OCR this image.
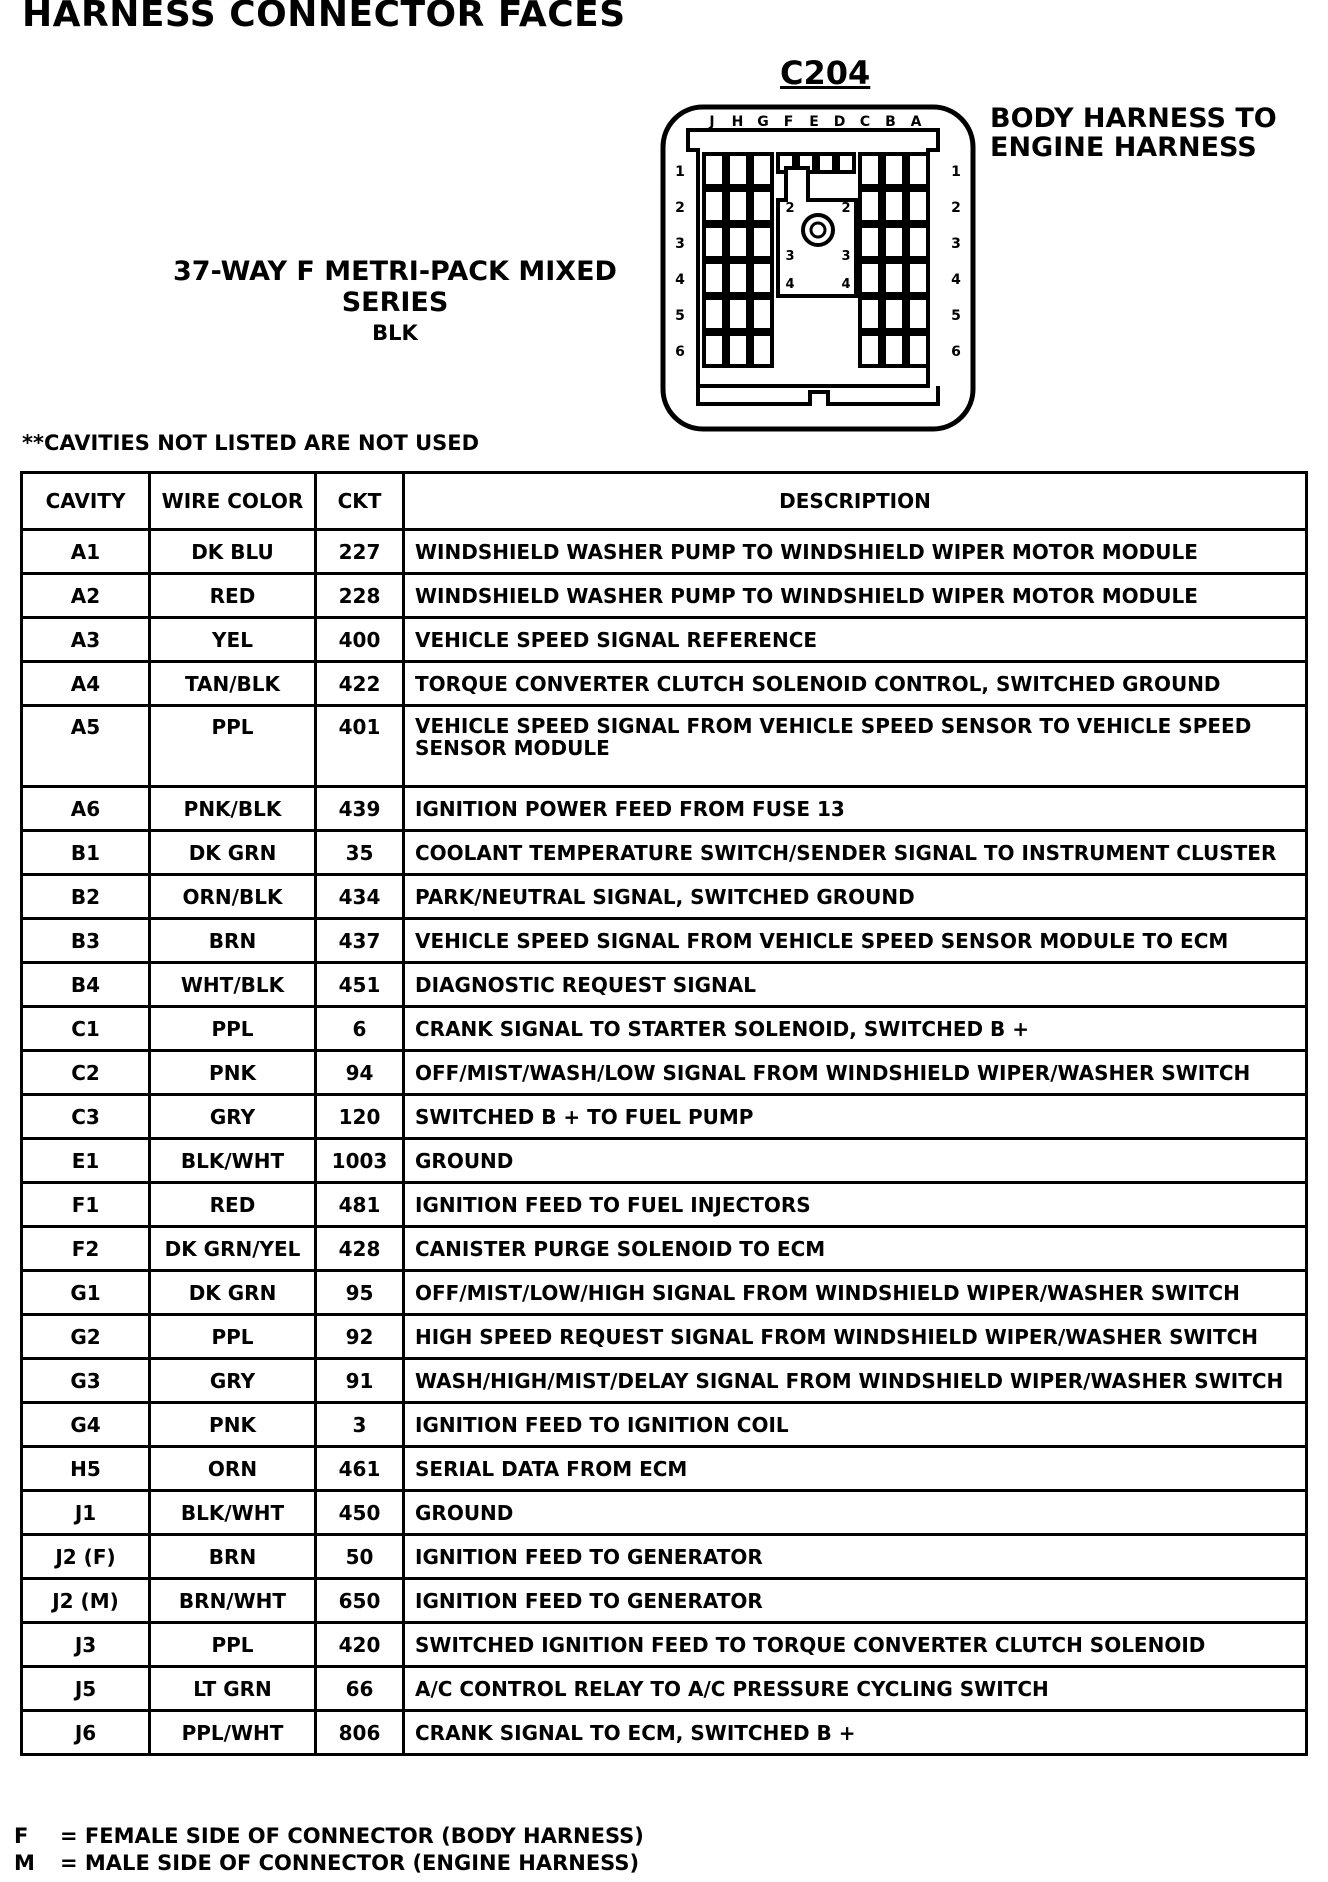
HARNESS CONNECTOR FACES
C204
BODY HARNESS TO
ENGINE HARNESS
37-WAY F METRI-PACK MIXED SERIES
BLK
J H G F E D C B A
1
2
3
4
5
6
1
2
3
4
5
6
2	2
3	3
4	4
**CAVITIES NOT LISTED ARE NOT USED
CAVITY	WIRE COLOR	CKT	DESCRIPTION
A1	DK BLU	227	WINDSHIELD WASHER PUMP TO WINDSHIELD WIPER MOTOR MODULE
A2	RED	228	WINDSHIELD WASHER PUMP TO WINDSHIELD WIPER MOTOR MODULE
A3	YEL	400	VEHICLE SPEED SIGNAL REFERENCE
A4	TAN/BLK	422	TORQUE CONVERTER CLUTCH SOLENOID CONTROL, SWITCHED GROUND
A5	PPL	401	VEHICLE SPEED SIGNAL FROM VEHICLE SPEED SENSOR TO VEHICLE SPEED SENSOR MODULE
A6	PNK/BLK	439	IGNITION POWER FEED FROM FUSE 13
B1	DK GRN	35	COOLANT TEMPERATURE SWITCH/SENDER SIGNAL TO INSTRUMENT CLUSTER
B2	ORN/BLK	434	PARK/NEUTRAL SIGNAL, SWITCHED GROUND
B3	BRN	437	VEHICLE SPEED SIGNAL FROM VEHICLE SPEED SENSOR MODULE TO ECM
B4	WHT/BLK	451	DIAGNOSTIC REQUEST SIGNAL
C1	PPL	6	CRANK SIGNAL TO STARTER SOLENOID, SWITCHED B +
C2	PNK	94	OFF/MIST/WASH/LOW SIGNAL FROM WINDSHIELD WIPER/WASHER SWITCH
C3	GRY	120	SWITCHED B + TO FUEL PUMP
E1	BLK/WHT	1003	GROUND
F1	RED	481	IGNITION FEED TO FUEL INJECTORS
F2	DK GRN/YEL	428	CANISTER PURGE SOLENOID TO ECM
G1	DK GRN	95	OFF/MIST/LOW/HIGH SIGNAL FROM WINDSHIELD WIPER/WASHER SWITCH
G2	PPL	92	HIGH SPEED REQUEST SIGNAL FROM WINDSHIELD WIPER/WASHER SWITCH
G3	GRY	91	WASH/HIGH/MIST/DELAY SIGNAL FROM WINDSHIELD WIPER/WASHER SWITCH
G4	PNK	3	IGNITION FEED TO IGNITION COIL
H5	ORN	461	SERIAL DATA FROM ECM
J1	BLK/WHT	450	GROUND
J2 (F)	BRN	50	IGNITION FEED TO GENERATOR
J2 (M)	BRN/WHT	650	IGNITION FEED TO GENERATOR
J3	PPL	420	SWITCHED IGNITION FEED TO TORQUE CONVERTER CLUTCH SOLENOID
J5	LT GRN	66	A/C CONTROL RELAY TO A/C PRESSURE CYCLING SWITCH
J6	PPL/WHT	806	CRANK SIGNAL TO ECM, SWITCHED B +
F = FEMALE SIDE OF CONNECTOR (BODY HARNESS)
M = MALE SIDE OF CONNECTOR (ENGINE HARNESS)
